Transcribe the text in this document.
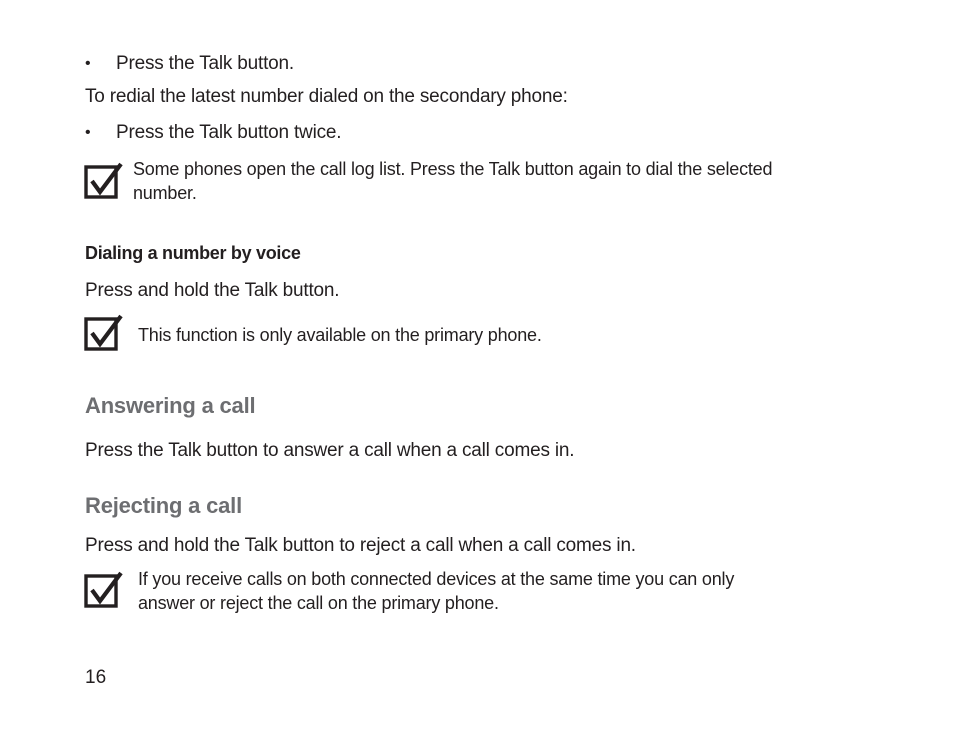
• Press the Talk button.
To redial the latest number dialed on the secondary phone:
• Press the Talk button twice.
Some phones open the call log list. Press the Talk button again to dial the selected
number.
Dialing a number by voice
Press and hold the Talk button.
This function is only available on the primary phone.
Answering a call
Press the Talk button to answer a call when a call comes in.
Rejecting a call
Press and hold the Talk button to reject a call when a call comes in.
If you receive calls on both connected devices at the same time you can only
answer or reject the call on the primary phone.
16
